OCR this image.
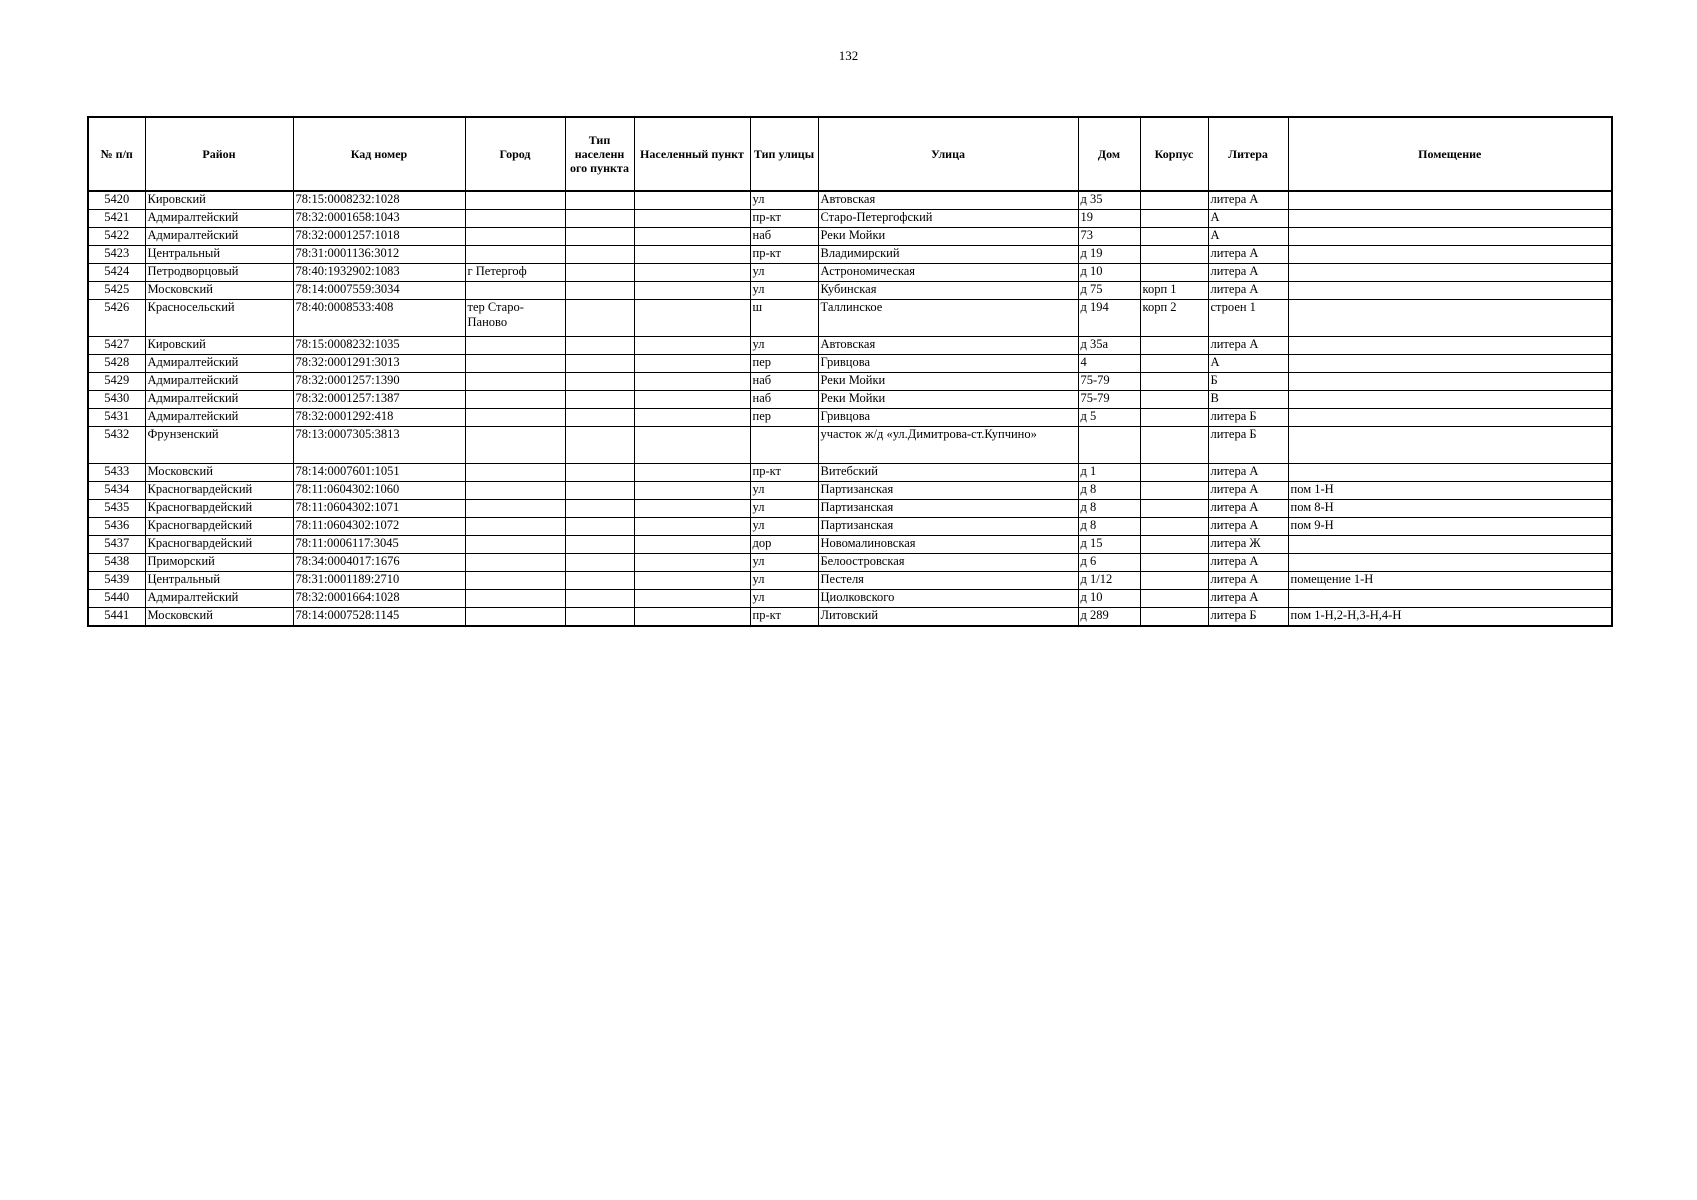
132
№ п/п	Район	Кад номер	Город	Тип населенн ого пункта	Населенный пункт	Тип улицы	Улица	Дом	Корпус	Литера	Помещение
5420	Кировский	78:15:0008232:1028				ул	Автовская	д 35		литера А	
5421	Адмиралтейский	78:32:0001658:1043				пр-кт	Старо-Петергофский	19		А	
5422	Адмиралтейский	78:32:0001257:1018				наб	Реки Мойки	73		А	
5423	Центральный	78:31:0001136:3012				пр-кт	Владимирский	д 19		литера А	
5424	Петродворцовый	78:40:1932902:1083	г Петергоф			ул	Астрономическая	д 10		литера А	
5425	Московский	78:14:0007559:3034				ул	Кубинская	д 75	корп 1	литера А	
5426	Красносельский	78:40:0008533:408	тер Старо-Паново			ш	Таллинское	д 194	корп 2	строен 1	
5427	Кировский	78:15:0008232:1035				ул	Автовская	д 35а		литера А	
5428	Адмиралтейский	78:32:0001291:3013				пер	Гривцова	4		А	
5429	Адмиралтейский	78:32:0001257:1390				наб	Реки Мойки	75-79		Б	
5430	Адмиралтейский	78:32:0001257:1387				наб	Реки Мойки	75-79		В	
5431	Адмиралтейский	78:32:0001292:418				пер	Гривцова	д 5		литера Б	
5432	Фрунзенский	78:13:0007305:3813					участок ж/д «ул.Димитрова-ст.Купчино»			литера Б	
5433	Московский	78:14:0007601:1051				пр-кт	Витебский	д 1		литера А	
5434	Красногвардейский	78:11:0604302:1060				ул	Партизанская	д 8		литера А	пом 1-Н
5435	Красногвардейский	78:11:0604302:1071				ул	Партизанская	д 8		литера А	пом 8-Н
5436	Красногвардейский	78:11:0604302:1072				ул	Партизанская	д 8		литера А	пом 9-Н
5437	Красногвардейский	78:11:0006117:3045				дор	Новомалиновская	д 15		литера Ж	
5438	Приморский	78:34:0004017:1676				ул	Белоостровская	д 6		литера А	
5439	Центральный	78:31:0001189:2710				ул	Пестеля	д 1/12		литера А	помещение 1-Н
5440	Адмиралтейский	78:32:0001664:1028				ул	Циолковского	д 10		литера А	
5441	Московский	78:14:0007528:1145				пр-кт	Литовский	д 289		литера Б	пом 1-Н,2-Н,3-Н,4-Н
